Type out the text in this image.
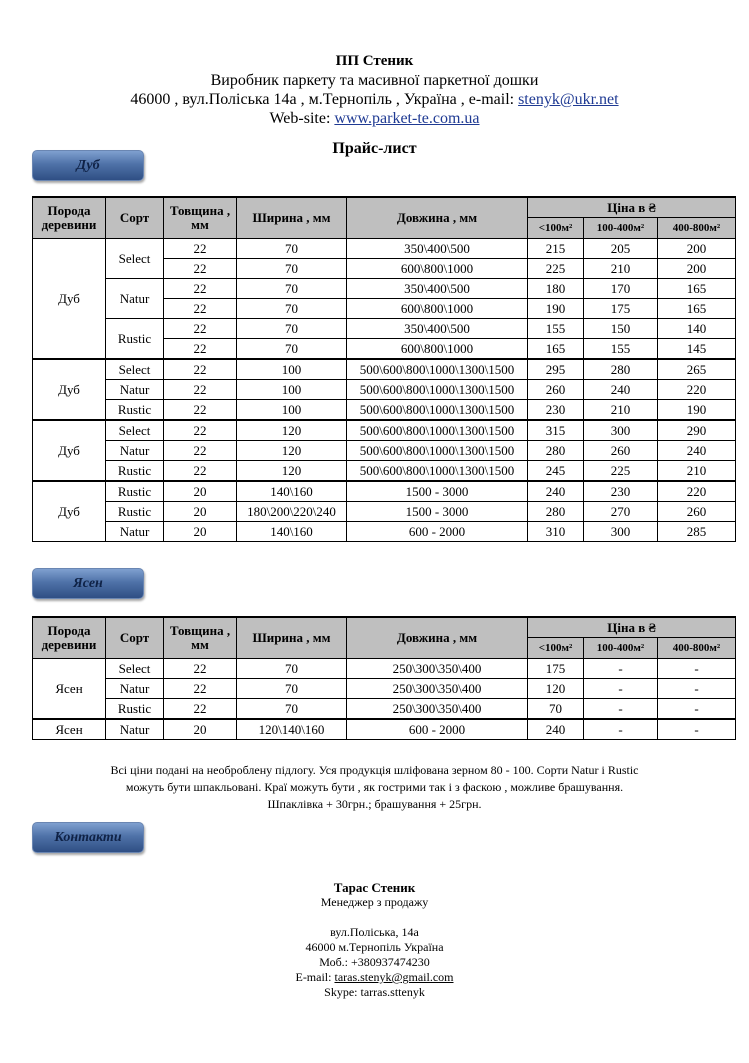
ПП Стеник
Виробник паркету та масивної паркетної дошки
46000 , вул.Поліська 14а , м.Тернопіль , Україна , e-mail: stenyk@ukr.net
Web-site: www.parket-te.com.ua
Прайс-лист
Дуб
Порода деревини	Сорт	Товщина , мм	Ширина , мм	Довжина , мм	Ціна в ₴		
					<100м²	100-400м²	400-800м²
Дуб	Select	22	70	350\400\500	215	205	200
		22	70	600\800\1000	225	210	200
	Natur	22	70	350\400\500	180	170	165
		22	70	600\800\1000	190	175	165
	Rustic	22	70	350\400\500	155	150	140
		22	70	600\800\1000	165	155	145
Дуб	Select	22	100	500\600\800\1000\1300\1500	295	280	265
	Natur	22	100	500\600\800\1000\1300\1500	260	240	220
	Rustic	22	100	500\600\800\1000\1300\1500	230	210	190
Дуб	Select	22	120	500\600\800\1000\1300\1500	315	300	290
	Natur	22	120	500\600\800\1000\1300\1500	280	260	240
	Rustic	22	120	500\600\800\1000\1300\1500	245	225	210
Дуб	Rustic	20	140\160	1500 - 3000	240	230	220
	Rustic	20	180\200\220\240	1500 - 3000	280	270	260
	Natur	20	140\160	600 - 2000	310	300	285
Ясен
Порода деревини	Сорт	Товщина , мм	Ширина , мм	Довжина , мм	Ціна в ₴		
					<100м²	100-400м²	400-800м²
Ясен	Select	22	70	250\300\350\400	175	-	-
	Natur	22	70	250\300\350\400	120	-	-
	Rustic	22	70	250\300\350\400	70	-	-
Ясен	Natur	20	120\140\160	600 - 2000	240	-	-
Всі ціни подані на необроблену підлогу. Уся продукція шліфована зерном 80 - 100. Сорти Natur і Rustic
можуть бути шпакльовані. Краї можуть бути , як гострими так і з фаскою , можливе брашування.
Шпаклівка + 30грн.; брашування + 25грн.
Контакти
Тарас Стеник
Менеджер з продажу
вул.Поліська, 14а
46000 м.Тернопіль Україна
Моб.: +380937474230
E-mail: taras.stenyk@gmail.com
Skype: tarras.sttenyk
